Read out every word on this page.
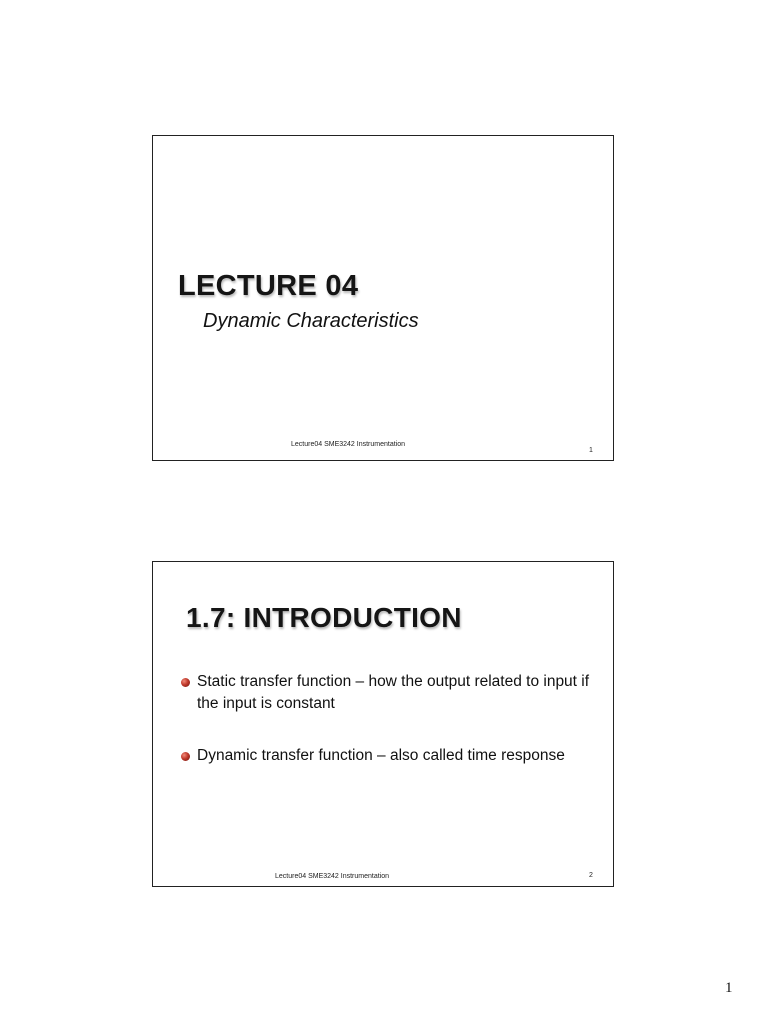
LECTURE 04
Dynamic Characteristics
Lecture04 SME3242 Instrumentation
1
1.7: INTRODUCTION
Static transfer function – how the output related to input if the input is constant
Dynamic transfer function – also called time response
Lecture04 SME3242 Instrumentation	2
1
